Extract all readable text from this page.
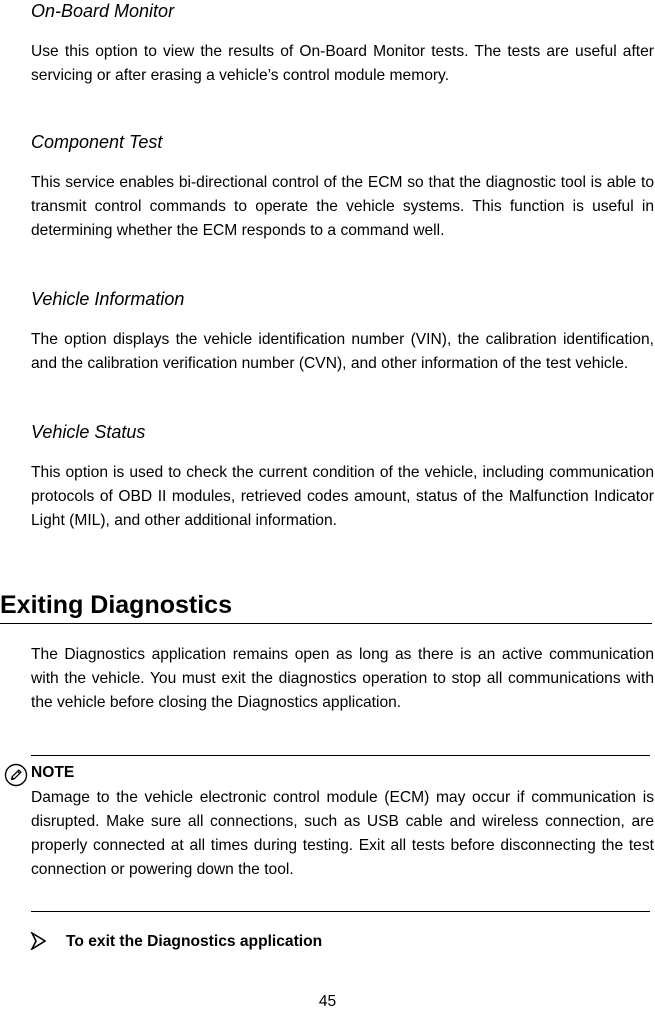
On-Board Monitor

Use this option to view the results of On-Board Monitor tests. The tests are useful after servicing or after erasing a vehicle’s control module memory.

Component Test

This service enables bi-directional control of the ECM so that the diagnostic tool is able to transmit control commands to operate the vehicle systems. This function is useful in determining whether the ECM responds to a command well.

Vehicle Information

The option displays the vehicle identification number (VIN), the calibration identification, and the calibration verification number (CVN), and other information of the test vehicle.

Vehicle Status

This option is used to check the current condition of the vehicle, including communication protocols of OBD II modules, retrieved codes amount, status of the Malfunction Indicator Light (MIL), and other additional information.

Exiting Diagnostics

The Diagnostics application remains open as long as there is an active communication with the vehicle. You must exit the diagnostics operation to stop all communications with the vehicle before closing the Diagnostics application.

NOTE

Damage to the vehicle electronic control module (ECM) may occur if communication is disrupted. Make sure all connections, such as USB cable and wireless connection, are properly connected at all times during testing. Exit all tests before disconnecting the test connection or powering down the tool.

To exit the Diagnostics application

45
